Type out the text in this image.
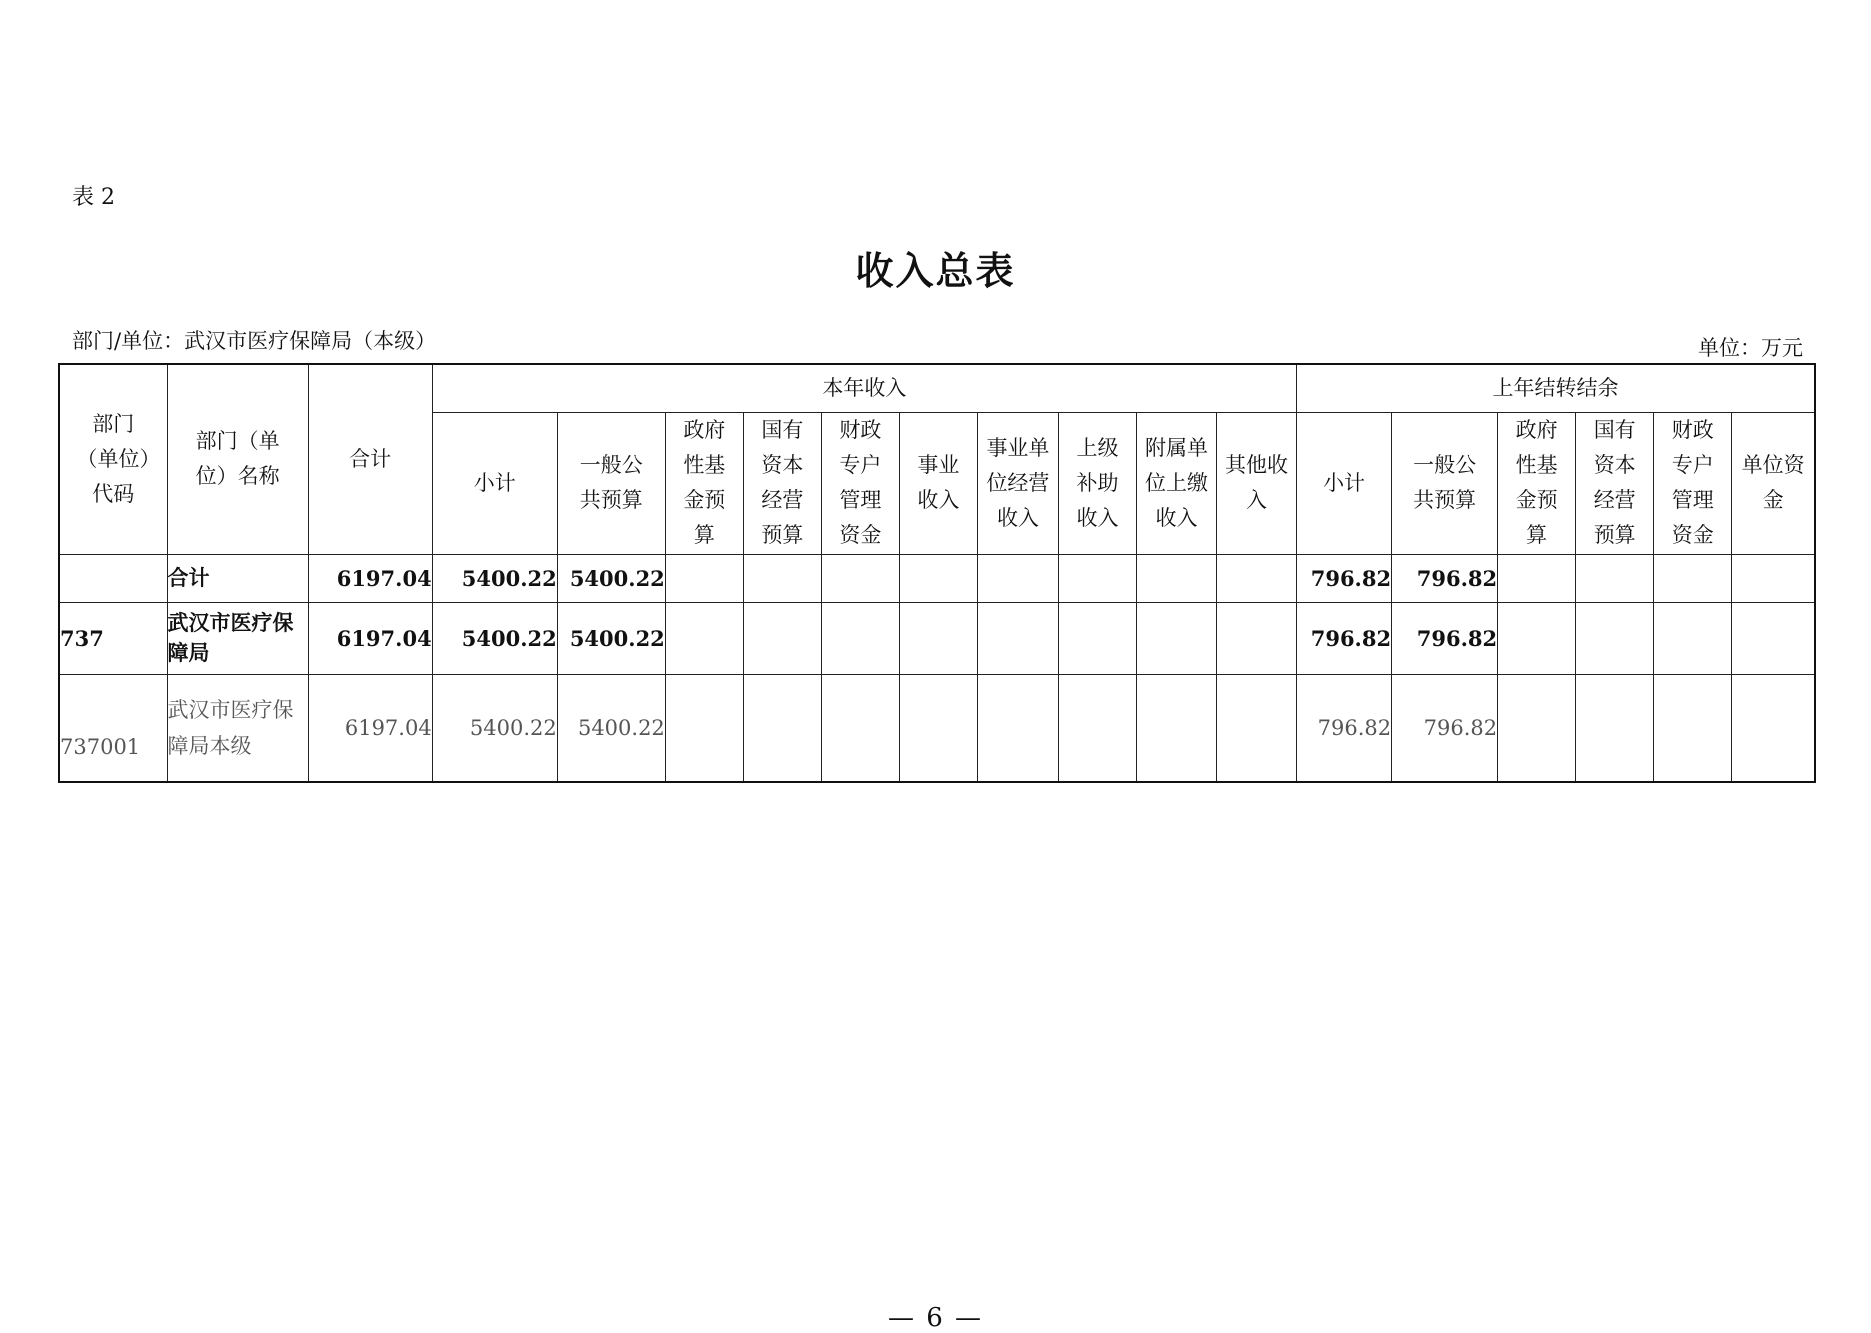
表 2
收入总表
部门/单位：武汉市医疗保障局（本级）	单位：万元
部门（单位）代码	部门（单位）名称	合计	本年收入										上年结转结余					
			小计	一般公共预算	政府性基金预算	国有资本经营预算	财政专户管理资金	事业收入	事业单位经营收入	上级补助收入	附属单位上缴收入	其他收入	小计	一般公共预算	政府性基金预算	国有资本经营预算	财政专户管理资金	单位资金
	合计	6197.04	5400.22	5400.22									796.82	796.82				
737	武汉市医疗保障局	6197.04	5400.22	5400.22									796.82	796.82				
737001	武汉市医疗保障局本级	6197.04	5400.22	5400.22									796.82	796.82				
— 6 —
